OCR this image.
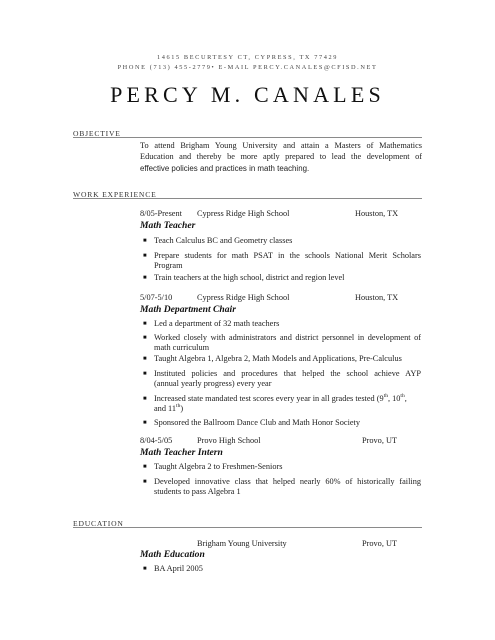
14615 BECURTESY CT, CYPRESS, TX 77429
PHONE (713) 455-2779• E-MAIL PERCY.CANALES@CFISD.NET
PERCY M. CANALES
OBJECTIVE
To attend Brigham Young University and attain a Masters of Mathematics
Education and thereby be more aptly prepared to lead the development of
effective policies and practices in math teaching.
WORK EXPERIENCE
8/05-Present Cypress Ridge High School	Houston, TX
Math Teacher
■ Teach Calculus BC and Geometry classes
■ Prepare students for math PSAT in the schools National Merit Scholars
Program
■ Train teachers at the high school, district and region level
5/07-5/10	Cypress Ridge High School	Houston, TX
Math Department Chair
■ Led a department of 32 math teachers
■ Worked closely with administrators and district personnel in development of
math curriculum
■ Taught Algebra 1, Algebra 2, Math Models and Applications, Pre-Calculus
■ Instituted policies and procedures that helped the school achieve AYP
(annual yearly progress) every year
■ Increased state mandated test scores every year in all grades tested (9th, 10th,
and 11th)
■ Sponsored the Ballroom Dance Club and Math Honor Society
8/04-5/05	Provo High School	Provo, UT
Math Teacher Intern
■ Taught Algebra 2 to Freshmen-Seniors
■ Developed innovative class that helped nearly 60% of historically failing
students to pass Algebra 1
EDUCATION
Brigham Young University	Provo, UT
Math Education
■ BA April 2005
